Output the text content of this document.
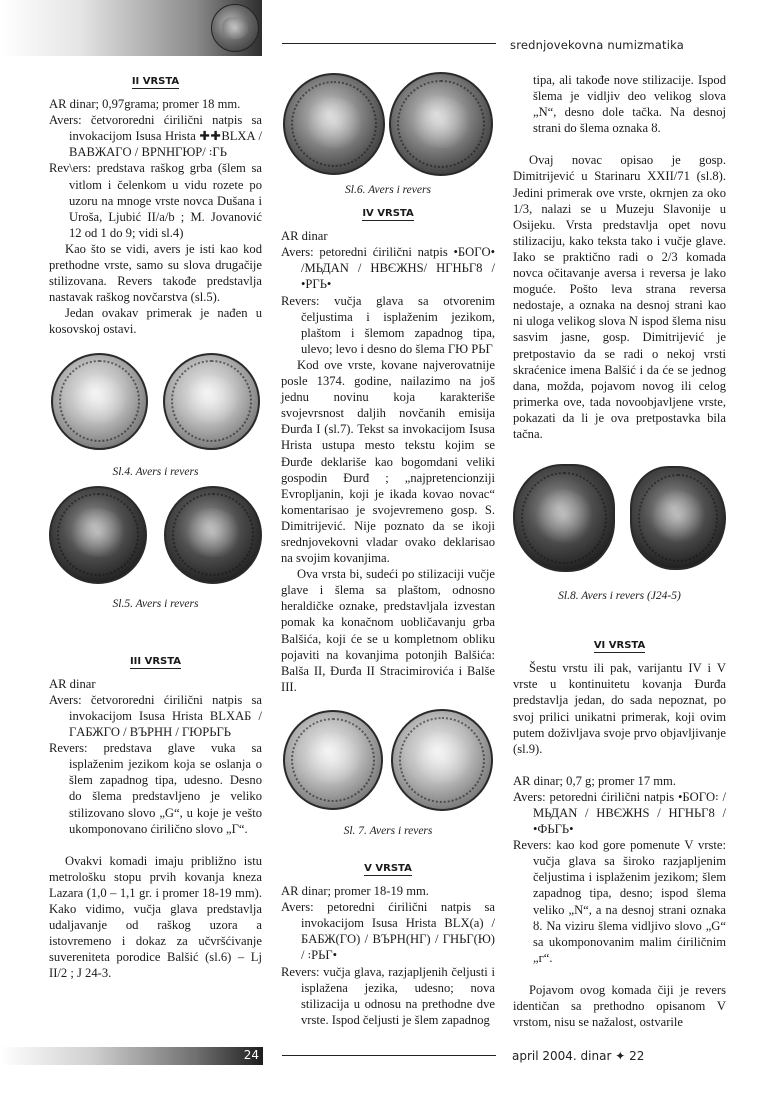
srednjovekovna numizmatika
II VRSTA

AR dinar; 0,97grama; promer 18 mm.

Avers: četvororedni ćirilični natpis sa invokacijom Isusa Hrista ✚✚BLXA / BABЖAГO / BPNHГЮP/ ꞉ГЬ

Rev\ers: predstava raškog grba (šlem sa vitlom i čelenkom u vidu rozete po uzoru na mnoge vrste novca Dušana i Uroša, Ljubić II/a/b ; M. Jovanović 12 od 1 do 9; vidi sl.4)

Kao što se vidi, avers je isti kao kod prethodne vrste, samo su slova drugačije stilizovana. Revers takođe predstavlja nastavak raškog novčarstva (sl.5).

Jedan ovakav primerak je nađen u kosovskoj ostavi.

Sl.4. Avers i revers

Sl.5. Avers i revers

III VRSTA

AR dinar

Avers: četvororedni ćirilični natpis sa invokacijom Isusa Hrista BLXAБ / ГAБЖГO / BЪPHH / ГЮPЬГЬ

Revers: predstava glave vuka sa isplaženim jezikom koja se oslanja o šlem zapadnog tipa, udesno. Desno do šlema predstavljeno je veliko stilizovano slovo „G“, u koje je vešto ukomponovano ćirilično slovo „Г“.

Ovakvi komadi imaju približno istu metrološku stopu prvih kovanja kneza Lazara (1,0 – 1,1 gr. i promer 18-19 mm). Kako vidimo, vučja glava predstavlja udaljavanje od raškog uzora a istovremeno i dokaz za učvršćivanje suvereniteta porodice Balšić (sl.6) – Lj II/2 ; J 24-3.

Sl.6. Avers i revers

IV VRSTA

AR dinar

Avers: petoredni ćirilični natpis •БOГO• /MЬДAN / HBЄЖHS/ HГHЬГ8 / •PГЬ•

Revers: vučja glava sa otvorenim čeljustima i isplaženim jezikom, plaštom i šlemom zapadnog tipa, ulevo; levo i desno do šlema ГЮ PЬГ

Kod ove vrste, kovane najverovatnije posle 1374. godine, nailazimo na još jednu novinu koja karakteriše svojevrsnost daljih novčanih emisija Đurđa I (sl.7). Tekst sa invokacijom Isusa Hrista ustupa mesto tekstu kojim se Đurđe deklariše kao bogomdani veliki gospodin Đurđ ; „najpretencionziji Evropljanin, koji je ikada kovao novac“ komentarisao je svojevremeno gosp. S. Dimitrijević. Nije poznato da se ikoji srednjovekovni vladar ovako deklarisao na svojim kovanjima.

Ova vrsta bi, sudeći po stilizaciji vučje glave i šlema sa plaštom, odnosno heraldičke oznake, predstavljala izvestan pomak ka konačnom uobličavanju grba Balšića, koji će se u kompletnom obliku pojaviti na kovanjima potonjih Balšića: Balša II, Đurđa II Stracimirovića i Balše III.

Sl. 7. Avers i revers

V VRSTA

AR dinar; promer 18-19 mm.

Avers: petoredni ćirilični natpis sa invokacijom Isusa Hrista BLX(a) / БAБЖ(ГO) / BЪPH(HГ) / ГHЬГ(Ю) / ꞉PЬГ•

Revers: vučja glava, razjapljenih čeljusti i isplažena jezika, udesno; nova stilizacija u odnosu na prethodne dve vrste. Ispod čeljusti je šlem zapadnog

tipa, ali takođe nove stilizacije. Ispod šlema je vidljiv deo velikog slova „N“, desno dole tačka. Na desnoj strani do šlema oznaka ȣ.

Ovaj novac opisao je gosp. Dimitrijević u Starinaru XXII/71 (sl.8). Jedini primerak ove vrste, okrnjen za oko 1/3, nalazi se u Muzeju Slavonije u Osijeku. Vrsta predstavlja opet novu stilizaciju, kako teksta tako i vučje glave. Iako se praktično radi o 2/3 komada novca očitavanje aversa i reversa je lako moguće. Pošto leva strana reversa nedostaje, a oznaka na desnoj strani kao ni uloga velikog slova N ispod šlema nisu sasvim jasne, gosp. Dimitrijević je pretpostavio da se radi o nekoj vrsti skraćenice imena Balšić i da će se jednog dana, možda, pojavom novog ili celog primerka ove, tada novoobjavljene vrste, pokazati da li je ova pretpostavka bila tačna.

Sl.8. Avers i revers (J24-5)

VI VRSTA

Šestu vrstu ili pak, varijantu IV i V vrste u kontinuitetu kovanja Đurđa predstavlja jedan, do sada nepoznat, po svoj prilici unikatni primerak, koji ovim putem doživljava svoje prvo objavljivanje (sl.9).

AR dinar; 0,7 g; promer 17 mm.

Avers: petoredni ćirilični natpis •БOГO꞉ / MЬДAN / HBЄЖHS / HГHЬГ8 / •ФЬГЬ•

Revers: kao kod gore pomenute V vrste: vučja glava sa široko razjapljenim čeljustima i isplaženim jezikom; šlem zapadnog tipa, desno; ispod šlema veliko „N“, a na desnoj strani oznaka ȣ. Na viziru šlema vidljivo slovo „G“ sa ukomponovanim malim ćiriličnim „г“.

Pojavom ovog komada čiji je revers identičan sa prethodno opisanom V vrstom, nisu se nažalost, ostvarile

24	april 2004. dinar ✦ 22
